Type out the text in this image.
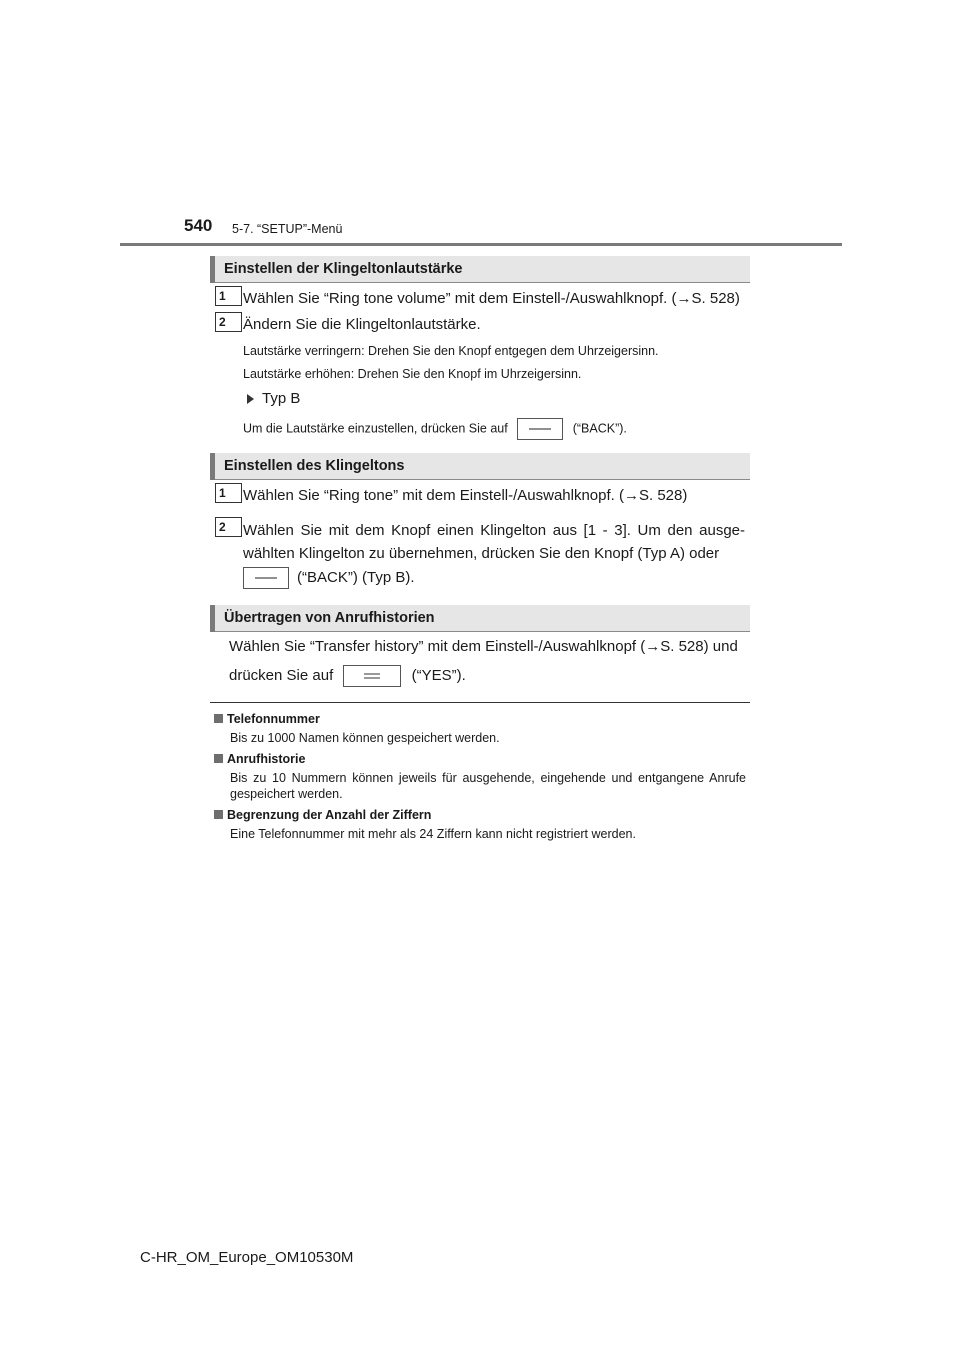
540 5-7. “SETUP”-Menü
Einstellen der Klingeltonlautstärke
1	Wählen Sie “Ring tone volume” mit dem Einstell-/Auswahlknopf. (→S. 528)
2	Ändern Sie die Klingeltonlautstärke.
Lautstärke verringern: Drehen Sie den Knopf entgegen dem Uhrzeigersinn.
Lautstärke erhöhen: Drehen Sie den Knopf im Uhrzeigersinn.
Typ B
Um die Lautstärke einzustellen, drücken Sie auf	(“BACK”).
Einstellen des Klingeltons
1	Wählen Sie “Ring tone” mit dem Einstell-/Auswahlknopf. (→S. 528)
2	Wählen Sie mit dem Knopf einen Klingelton aus [1 - 3]. Um den ausge-wählten Klingelton zu übernehmen, drücken Sie den Knopf (Typ A) oder
(“BACK”) (Typ B).
Übertragen von Anrufhistorien
Wählen Sie “Transfer history” mit dem Einstell-/Auswahlknopf (→S. 528) und
drücken Sie auf	(“YES”).
Telefonnummer
Bis zu 1000 Namen können gespeichert werden.
Anrufhistorie
Bis zu 10 Nummern können jeweils für ausgehende, eingehende und entgangene Anrufe gespeichert werden.
Begrenzung der Anzahl der Ziffern
Eine Telefonnummer mit mehr als 24 Ziffern kann nicht registriert werden.
C-HR_OM_Europe_OM10530M
